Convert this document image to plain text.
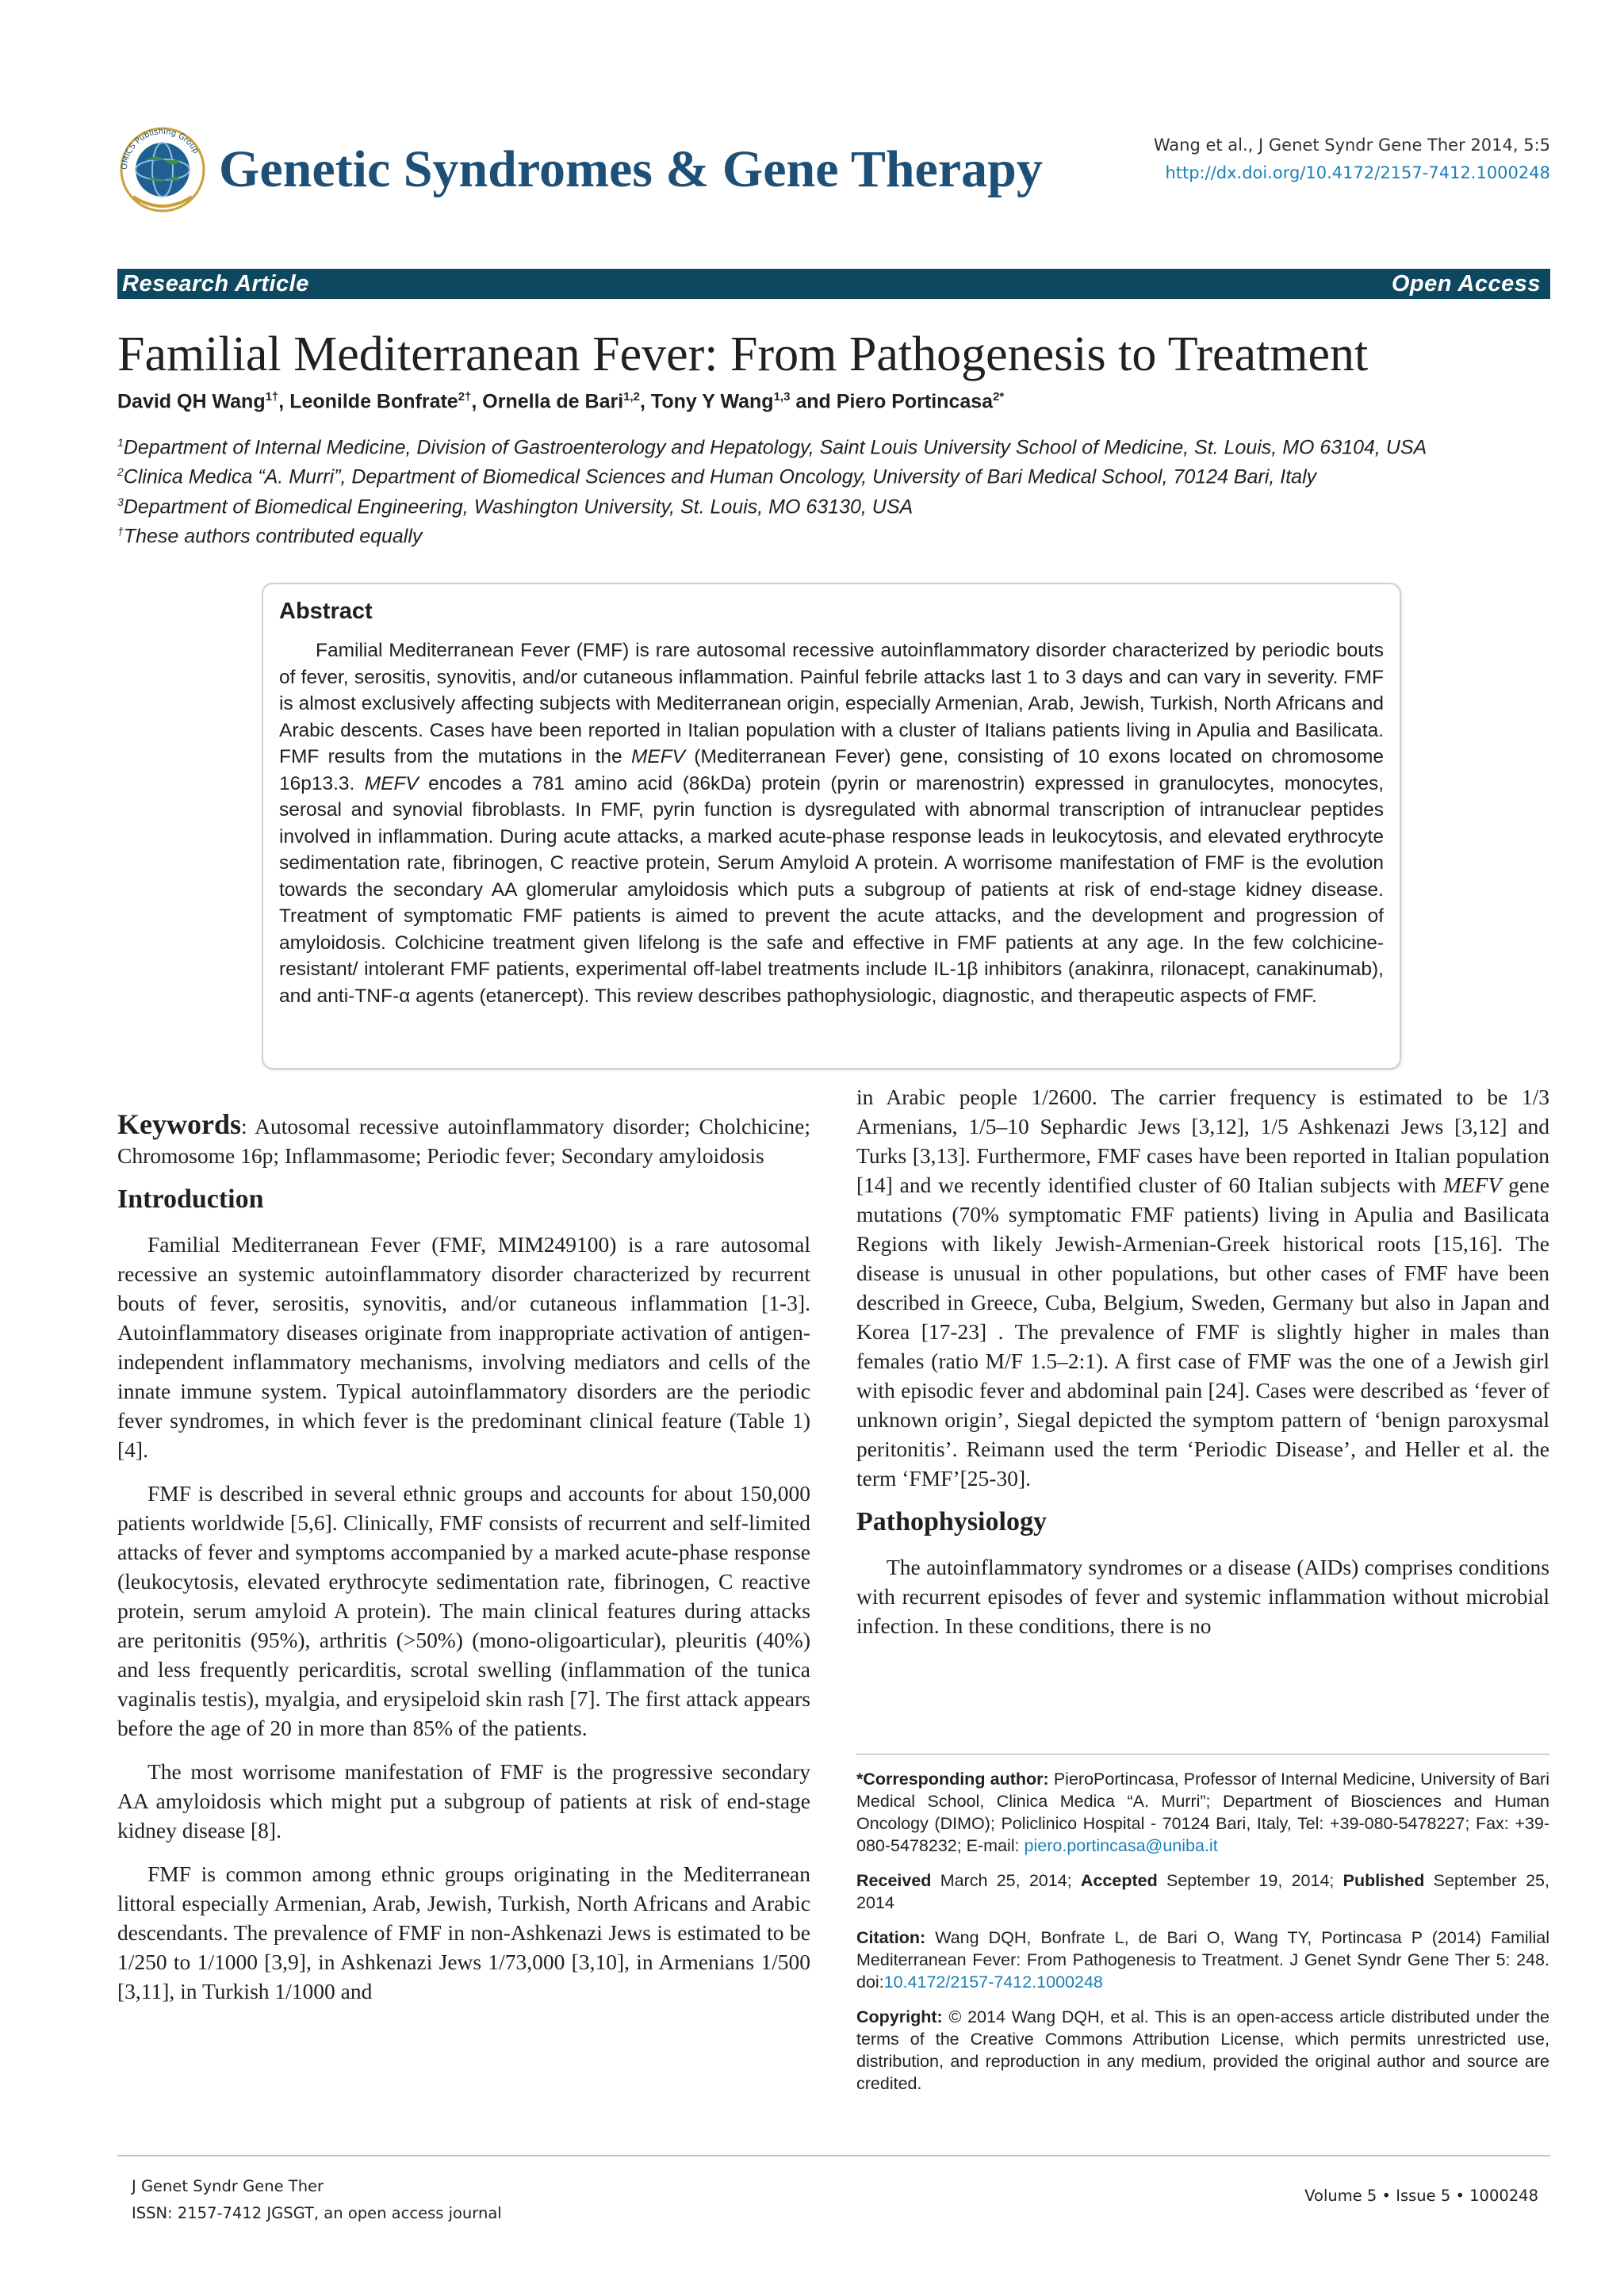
OMICS Publishing Group Genetic Syndromes & Gene Therapy	Wang et al., J Genet Syndr Gene Ther 2014, 5:5
http://dx.doi.org/10.4172/2157-7412.1000248
Research Article	Open Access
Familial Mediterranean Fever: From Pathogenesis to Treatment
David QH Wang$^{1\dagger}$, Leonilde Bonfrate$^{2\dagger}$, Ornella de Bari$^{1,2}$, Tony Y Wang$^{1,3}$ and Piero Portincasa$^{2*}$
$^1$Department of Internal Medicine, Division of Gastroenterology and Hepatology, Saint Louis University School of Medicine, St. Louis, MO 63104, USA
$^2$Clinica Medica “A. Murri”, Department of Biomedical Sciences and Human Oncology, University of Bari Medical School, 70124 Bari, Italy
$^3$Department of Biomedical Engineering, Washington University, St. Louis, MO 63130, USA
†These authors contributed equally
Abstract
Familial Mediterranean Fever (FMF) is rare autosomal recessive autoinflammatory disorder characterized by periodic bouts of fever, serositis, synovitis, and/or cutaneous inflammation. Painful febrile attacks last 1 to 3 days and can vary in severity. FMF is almost exclusively affecting subjects with Mediterranean origin, especially Armenian, Arab, Jewish, Turkish, North Africans and Arabic descents. Cases have been reported in Italian population with a cluster of Italians patients living in Apulia and Basilicata. FMF results from the mutations in the MEFV (Mediterranean Fever) gene, consisting of 10 exons located on chromosome 16p13.3. MEFV encodes a 781 amino acid (86kDa) protein (pyrin or marenostrin) expressed in granulocytes, monocytes, serosal and synovial fibroblasts. In FMF, pyrin function is dysregulated with abnormal transcription of intranuclear peptides involved in inflammation. During acute attacks, a marked acute-phase response leads in leukocytosis, and elevated erythrocyte sedimentation rate, fibrinogen, C reactive protein, Serum Amyloid A protein. A worrisome manifestation of FMF is the evolution towards the secondary AA glomerular amyloidosis which puts a subgroup of patients at risk of end-stage kidney disease. Treatment of symptomatic FMF patients is aimed to prevent the acute attacks, and the development and progression of amyloidosis. Colchicine treatment given lifelong is the safe and effective in FMF patients at any age. In the few colchicine-resistant/ intolerant FMF patients, experimental off-label treatments include IL-1β inhibitors (anakinra, rilonacept, canakinumab), and anti-TNF-α agents (etanercept). This review describes pathophysiologic, diagnostic, and therapeutic aspects of FMF.

Keywords: Autosomal recessive autoinflammatory disorder; Cholchicine; Chromosome 16p; Inflammasome; Periodic fever; Secondary amyloidosis

Introduction

Familial Mediterranean Fever (FMF, MIM249100) is a rare autosomal recessive an systemic autoinflammatory disorder characterized by recurrent bouts of fever, serositis, synovitis, and/or cutaneous inflammation [1-3]. Autoinflammatory diseases originate from inappropriate activation of antigen-independent inflammatory mechanisms, involving mediators and cells of the innate immune system. Typical autoinflammatory disorders are the periodic fever syndromes, in which fever is the predominant clinical feature (Table 1) [4].

FMF is described in several ethnic groups and accounts for about 150,000 patients worldwide [5,6]. Clinically, FMF consists of recurrent and self-limited attacks of fever and symptoms accompanied by a marked acute-phase response (leukocytosis, elevated erythrocyte sedimentation rate, fibrinogen, C reactive protein, serum amyloid A protein). The main clinical features during attacks are peritonitis (95%), arthritis (>50%) (mono-oligoarticular), pleuritis (40%) and less frequently pericarditis, scrotal swelling (inflammation of the tunica vaginalis testis), myalgia, and erysipeloid skin rash [7]. The first attack appears before the age of 20 in more than 85% of the patients.

The most worrisome manifestation of FMF is the progressive secondary AA amyloidosis which might put a subgroup of patients at risk of end-stage kidney disease [8].

FMF is common among ethnic groups originating in the Mediterranean littoral especially Armenian, Arab, Jewish, Turkish, North Africans and Arabic descendants. The prevalence of FMF in non-Ashkenazi Jews is estimated to be 1/250 to 1/1000 [3,9], in Ashkenazi Jews 1/73,000 [3,10], in Armenians 1/500 [3,11], in Turkish 1/1000 and

in Arabic people 1/2600. The carrier frequency is estimated to be 1/3 Armenians, 1/5–10 Sephardic Jews [3,12], 1/5 Ashkenazi Jews [3,12] and Turks [3,13]. Furthermore, FMF cases have been reported in Italian population [14] and we recently identified cluster of 60 Italian subjects with MEFV gene mutations (70% symptomatic FMF patients) living in Apulia and Basilicata Regions with likely Jewish-Armenian-Greek historical roots [15,16]. The disease is unusual in other populations, but other cases of FMF have been described in Greece, Cuba, Belgium, Sweden, Germany but also in Japan and Korea [17-23] . The prevalence of FMF is slightly higher in males than females (ratio M/F 1.5–2:1). A first case of FMF was the one of a Jewish girl with episodic fever and abdominal pain [24]. Cases were described as ‘fever of unknown origin’, Siegal depicted the symptom pattern of ‘benign paroxysmal peritonitis’. Reimann used the term ‘Periodic Disease’, and Heller et al. the term ‘FMF’[25-30].

Pathophysiology

The autoinflammatory syndromes or a disease (AIDs) comprises conditions with recurrent episodes of fever and systemic inflammation without microbial infection. In these conditions, there is no

*Corresponding author: PieroPortincasa, Professor of Internal Medicine, University of Bari Medical School, Clinica Medica “A. Murri”; Department of Biosciences and Human Oncology (DIMO); Policlinico Hospital - 70124 Bari, Italy, Tel: +39-080-5478227; Fax: +39-080-5478232; E-mail: piero.portincasa@uniba.it

Received March 25, 2014; Accepted September 19, 2014; Published September 25, 2014

Citation: Wang DQH, Bonfrate L, de Bari O, Wang TY, Portincasa P (2014) Familial Mediterranean Fever: From Pathogenesis to Treatment. J Genet Syndr Gene Ther 5: 248. doi:10.4172/2157-7412.1000248

Copyright: © 2014 Wang DQH, et al. This is an open-access article distributed under the terms of the Creative Commons Attribution License, which permits unrestricted use, distribution, and reproduction in any medium, provided the original author and source are credited.

J Genet Syndr Gene Ther
ISSN: 2157-7412 JGSGT, an open access journal
Volume 5 • Issue 5 • 1000248
